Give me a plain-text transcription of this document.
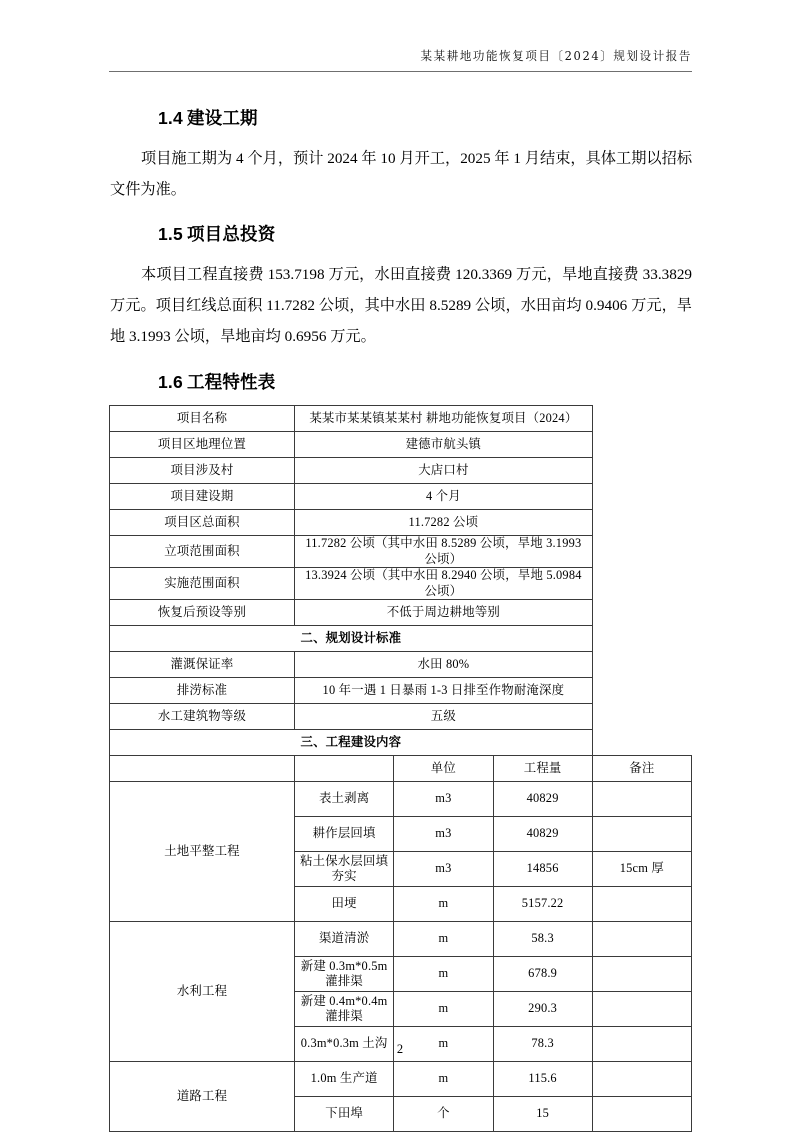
某某耕地功能恢复项目〔2024〕规划设计报告
1.4 建设工期
项目施工期为 4 个月，预计 2024 年 10 月开工，2025 年 1 月结束，具体工期以招标文件为准。
1.5 项目总投资
本项目工程直接费 153.7198 万元，水田直接费 120.3369 万元，旱地直接费 33.3829 万元。项目红线总面积 11.7282 公顷，其中水田 8.5289 公顷，水田亩均 0.9406 万元，旱地 3.1993 公顷，旱地亩均 0.6956 万元。
1.6 工程特性表
项目名称	某某市某某镇某某村 耕地功能恢复项目（2024）			
项目区地理位置	建德市航头镇			
项目涉及村	大店口村			
项目建设期	4 个月			
项目区总面积	11.7282 公顷			
立项范围面积	11.7282 公顷（其中水田 8.5289 公顷，旱地 3.1993 公顷）			
实施范围面积	13.3924 公顷（其中水田 8.2940 公顷，旱地 5.0984 公顷）			
恢复后预设等别	不低于周边耕地等别			
二、规划设计标准				
灌溉保证率	水田 80%			
排涝标准	10 年一遇 1 日暴雨 1-3 日排至作物耐淹深度			
水工建筑物等级	五级			
三、工程建设内容				
		单位	工程量	备注
土地平整工程	表土剥离	m3	40829	
	耕作层回填	m3	40829	
	粘土保水层回填夯实	m3	14856	15cm 厚
	田埂	m	5157.22	
水利工程	渠道清淤	m	58.3	
	新建 0.3m*0.5m 灌排渠	m	678.9	
	新建 0.4m*0.4m 灌排渠	m	290.3	
	0.3m*0.3m 土沟	m	78.3	
道路工程	1.0m 生产道	m	115.6	
	下田埠	个	15	
2
